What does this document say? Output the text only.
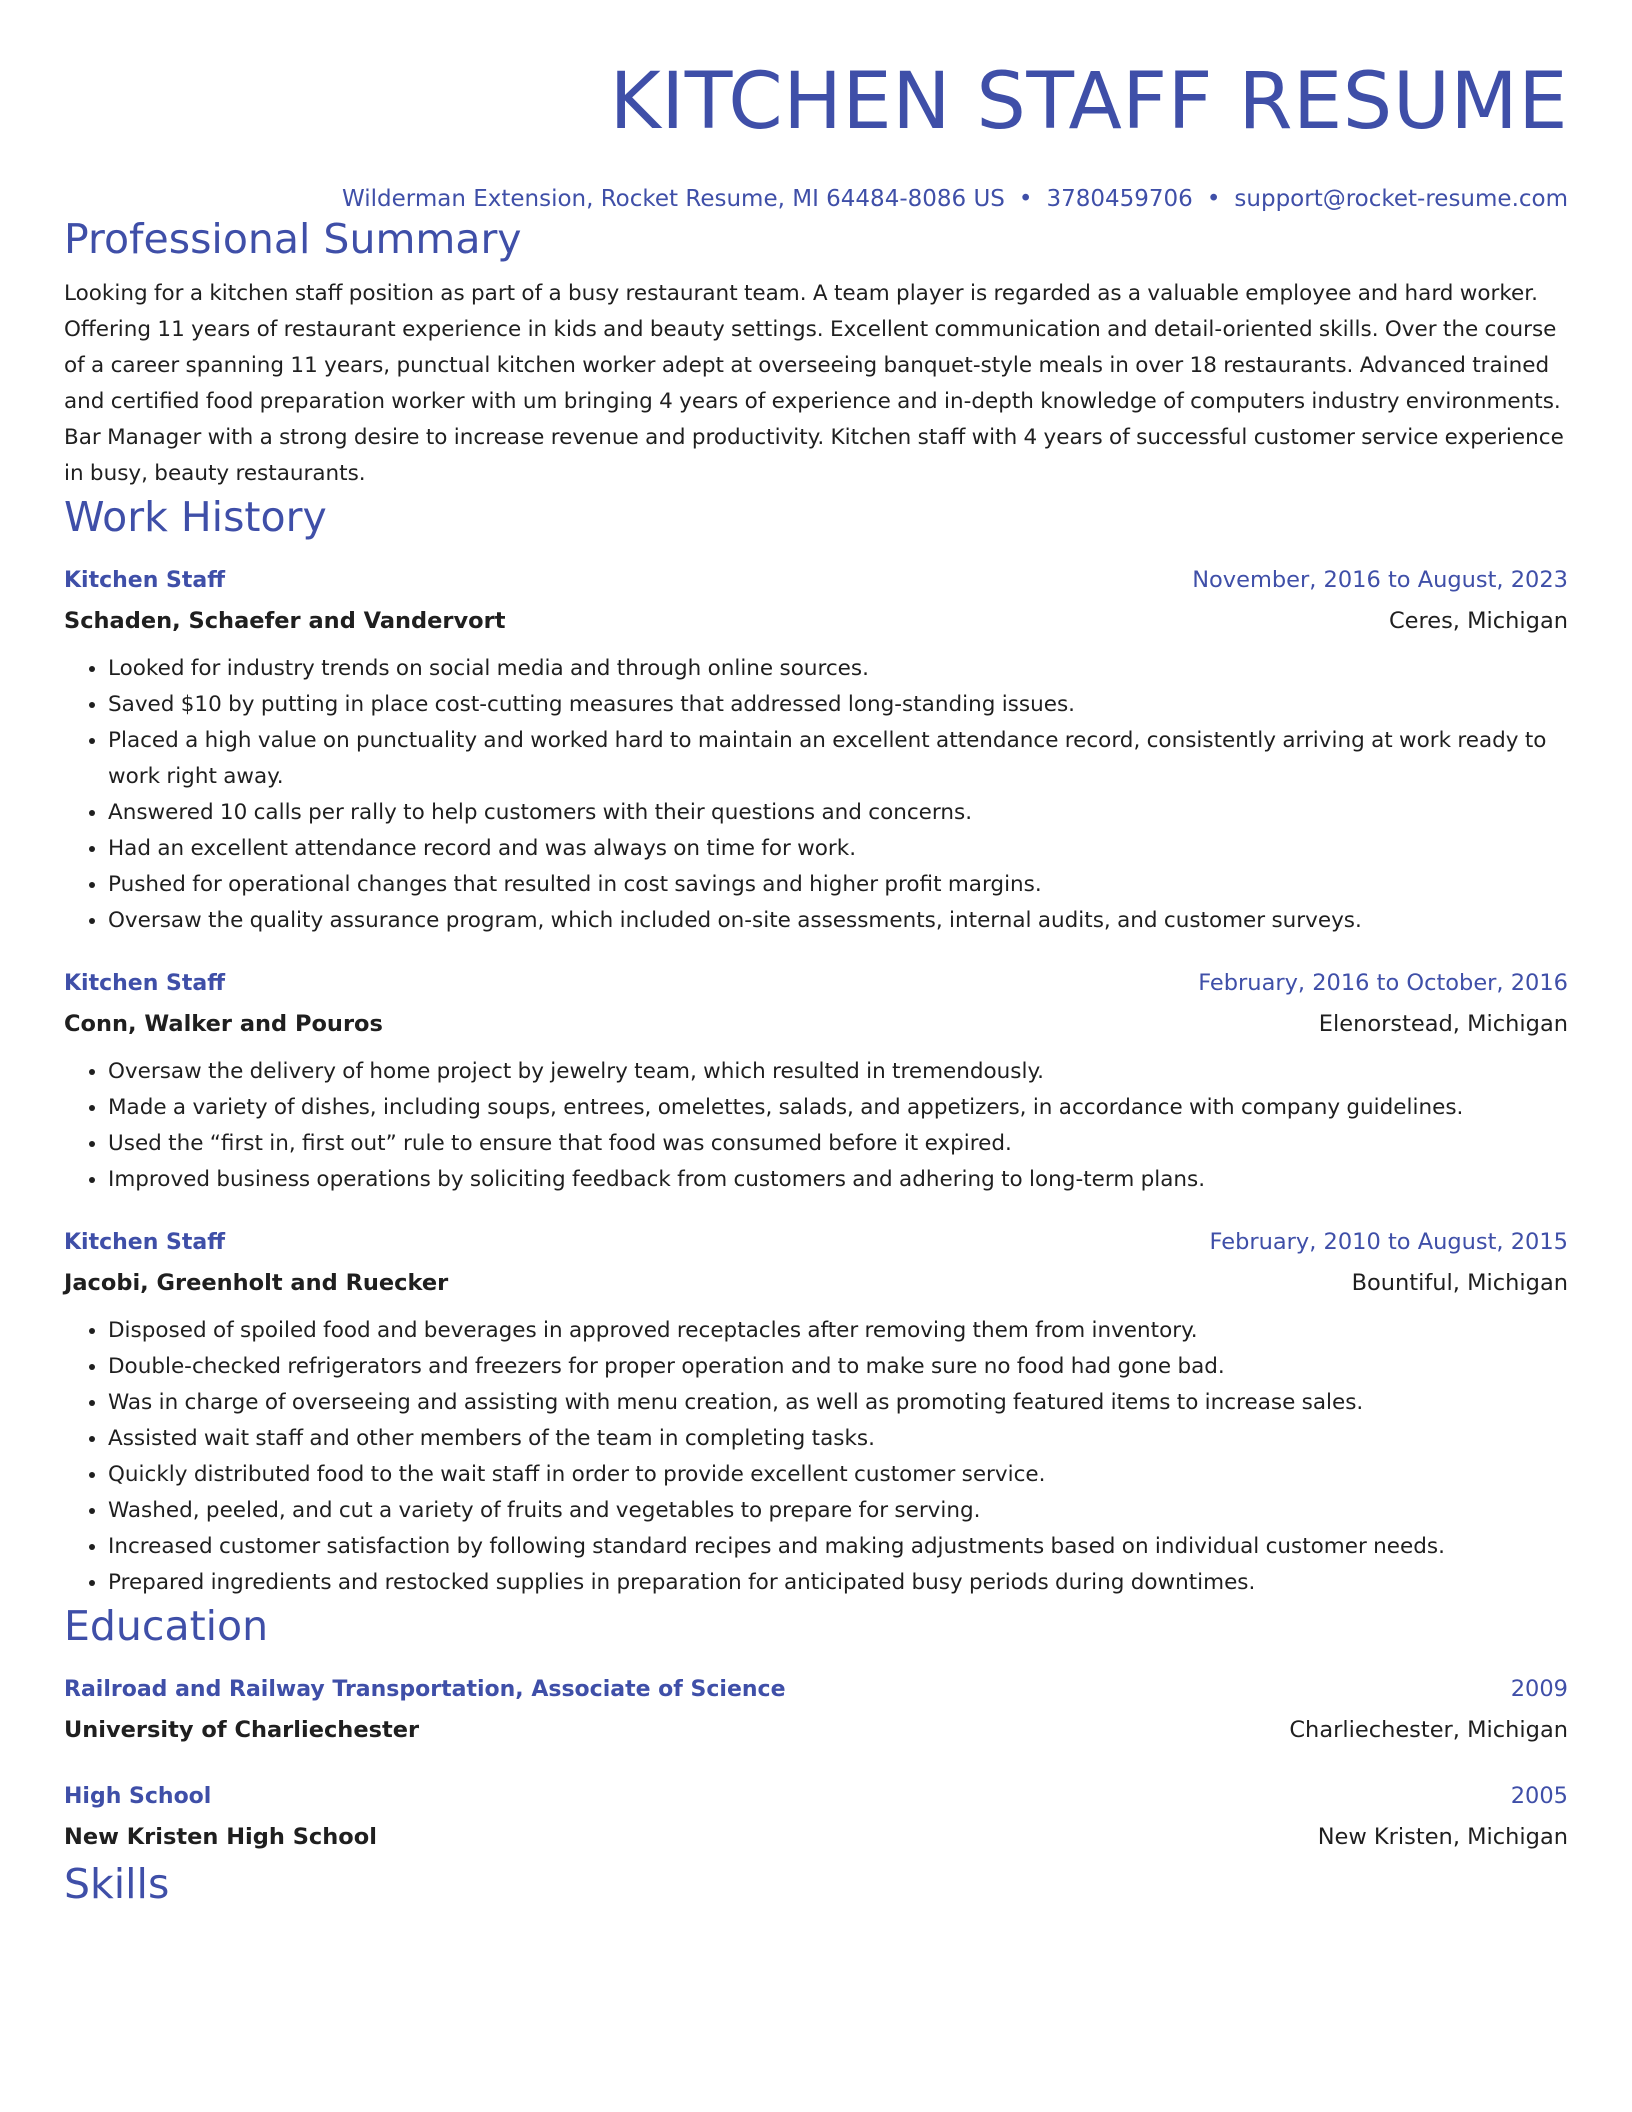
KITCHEN STAFF RESUME
Wilderman Extension, Rocket Resume, MI 64484-8086 US • 3780459706 • support@rocket-resume.com
Professional Summary
Looking for a kitchen staff position as part of a busy restaurant team. A team player is regarded as a valuable employee and hard worker. Offering 11 years of restaurant experience in kids and beauty settings. Excellent communication and detail-oriented skills. Over the course of a career spanning 11 years, punctual kitchen worker adept at overseeing banquet-style meals in over 18 restaurants. Advanced trained and certified food preparation worker with um bringing 4 years of experience and in-depth knowledge of computers industry environments. Bar Manager with a strong desire to increase revenue and productivity. Kitchen staff with 4 years of successful customer service experience in busy, beauty restaurants.
Work History
Kitchen Staff	November, 2016 to August, 2023
Schaden, Schaefer and Vandervort	Ceres, Michigan
• Looked for industry trends on social media and through online sources.
• Saved $10 by putting in place cost-cutting measures that addressed long-standing issues.
• Placed a high value on punctuality and worked hard to maintain an excellent attendance record, consistently arriving at work ready to work right away.
• Answered 10 calls per rally to help customers with their questions and concerns.
• Had an excellent attendance record and was always on time for work.
• Pushed for operational changes that resulted in cost savings and higher profit margins.
• Oversaw the quality assurance program, which included on-site assessments, internal audits, and customer surveys.
Kitchen Staff	February, 2016 to October, 2016
Conn, Walker and Pouros	Elenorstead, Michigan
• Oversaw the delivery of home project by jewelry team, which resulted in tremendously.
• Made a variety of dishes, including soups, entrees, omelettes, salads, and appetizers, in accordance with company guidelines.
• Used the “first in, first out” rule to ensure that food was consumed before it expired.
• Improved business operations by soliciting feedback from customers and adhering to long-term plans.
Kitchen Staff	February, 2010 to August, 2015
Jacobi, Greenholt and Ruecker	Bountiful, Michigan
• Disposed of spoiled food and beverages in approved receptacles after removing them from inventory.
• Double-checked refrigerators and freezers for proper operation and to make sure no food had gone bad.
• Was in charge of overseeing and assisting with menu creation, as well as promoting featured items to increase sales.
• Assisted wait staff and other members of the team in completing tasks.
• Quickly distributed food to the wait staff in order to provide excellent customer service.
• Washed, peeled, and cut a variety of fruits and vegetables to prepare for serving.
• Increased customer satisfaction by following standard recipes and making adjustments based on individual customer needs.
• Prepared ingredients and restocked supplies in preparation for anticipated busy periods during downtimes.
Education
Railroad and Railway Transportation, Associate of Science	2009
University of Charliechester	Charliechester, Michigan
High School	2005
New Kristen High School	New Kristen, Michigan
Skills
